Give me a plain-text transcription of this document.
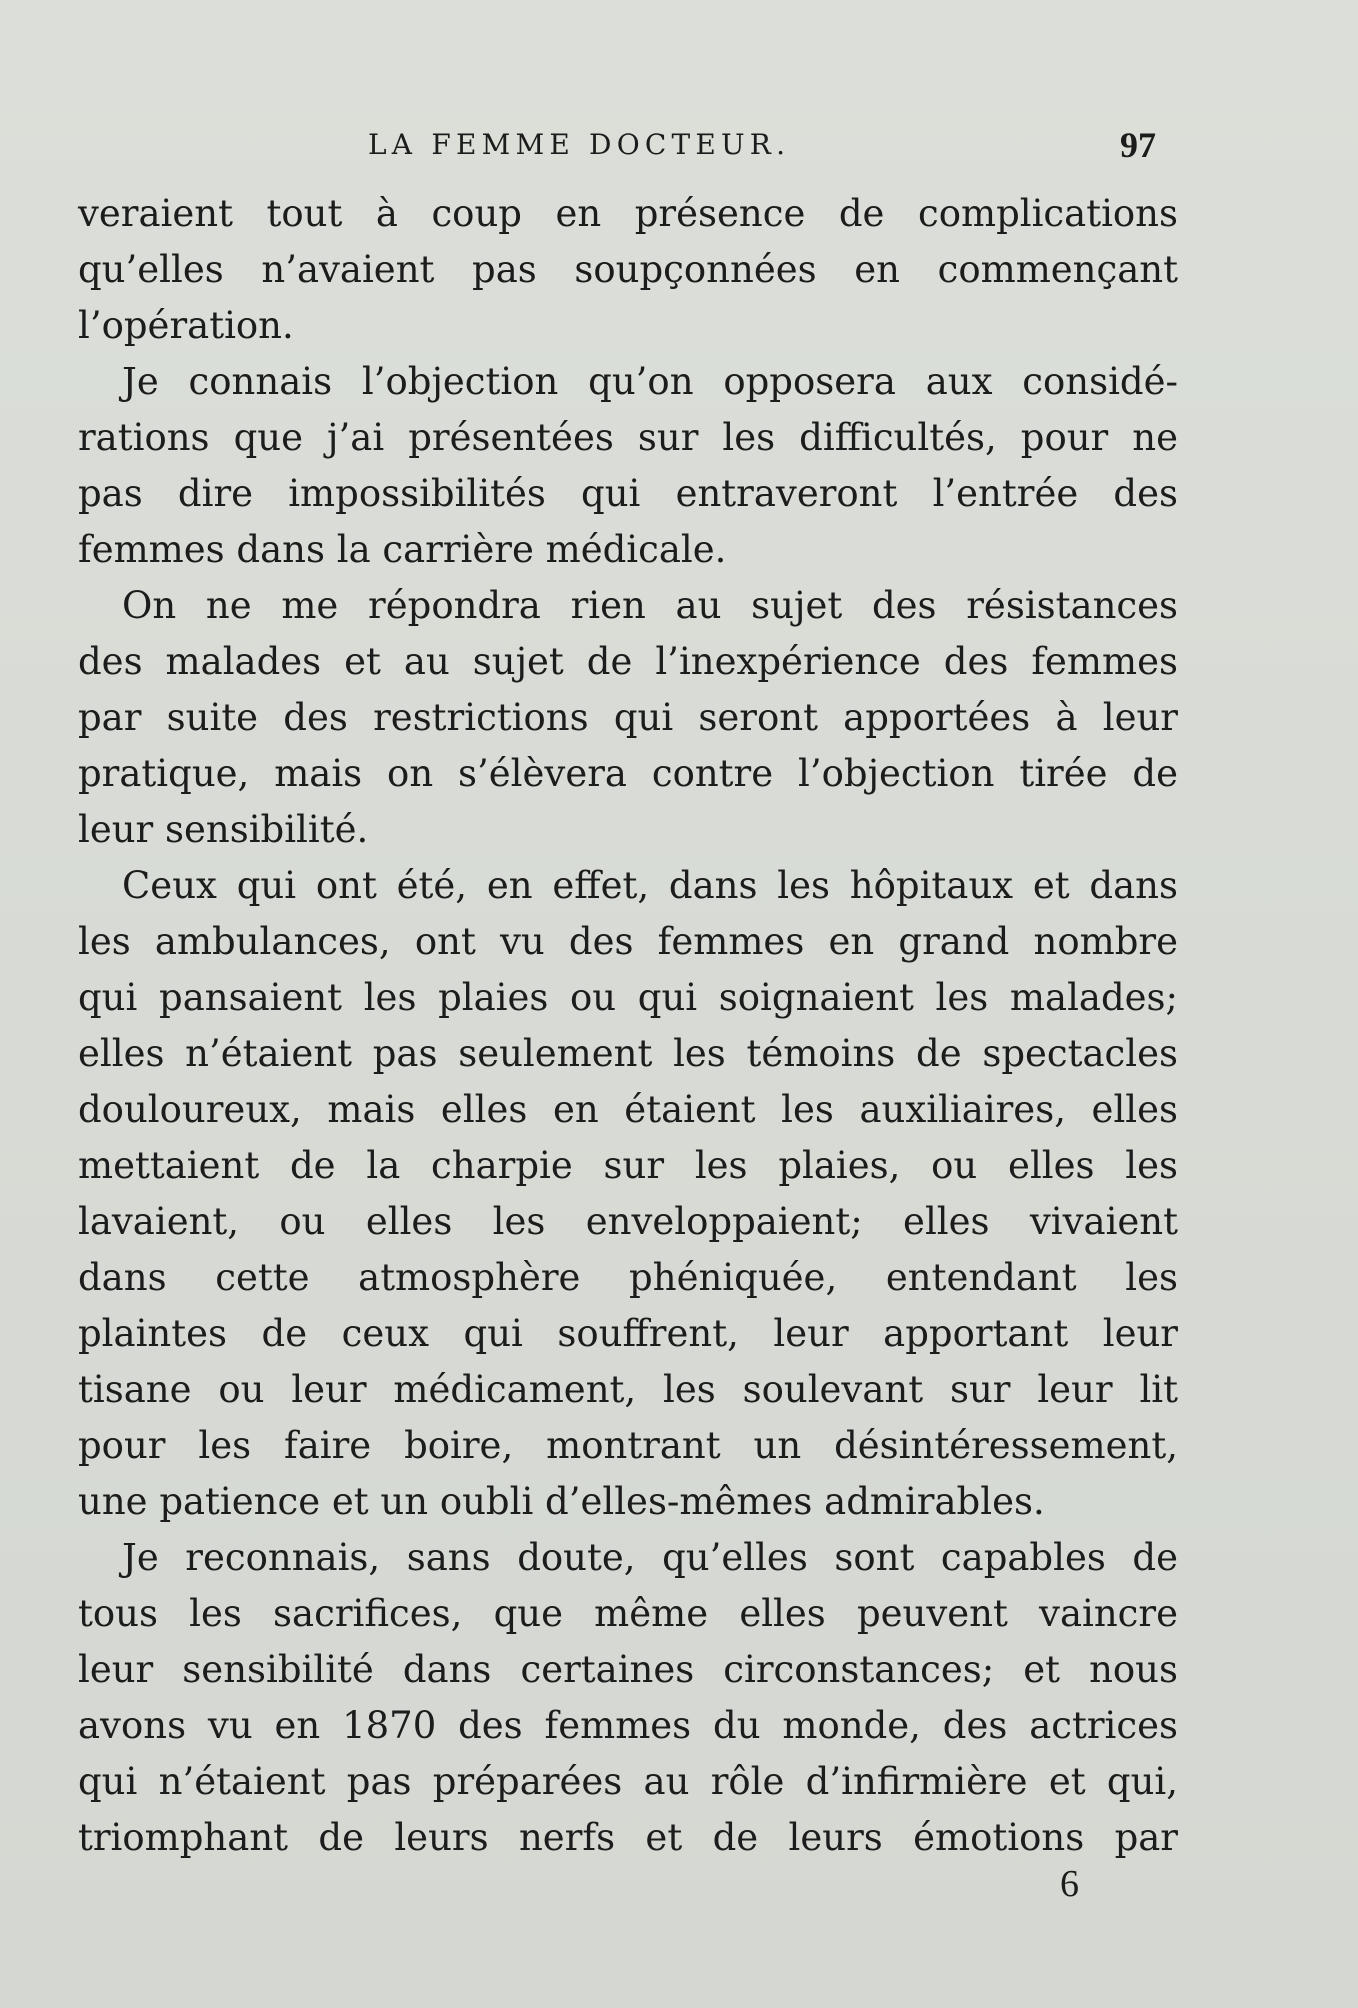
LA FEMME DOCTEUR.	97
veraient tout à coup en présence de complications
qu’elles n’avaient pas soupçonnées en commençant
l’opération.
Je connais l’objection qu’on opposera aux considé-
rations que j’ai présentées sur les difficultés, pour ne
pas dire impossibilités qui entraveront l’entrée des
femmes dans la carrière médicale.
On ne me répondra rien au sujet des résistances
des malades et au sujet de l’inexpérience des femmes
par suite des restrictions qui seront apportées à leur
pratique, mais on s’élèvera contre l’objection tirée de
leur sensibilité.
Ceux qui ont été, en effet, dans les hôpitaux et dans
les ambulances, ont vu des femmes en grand nombre
qui pansaient les plaies ou qui soignaient les malades;
elles n’étaient pas seulement les témoins de spectacles
douloureux, mais elles en étaient les auxiliaires, elles
mettaient de la charpie sur les plaies, ou elles les
lavaient, ou elles les enveloppaient; elles vivaient
dans cette atmosphère phéniquée, entendant les
plaintes de ceux qui souffrent, leur apportant leur
tisane ou leur médicament, les soulevant sur leur lit
pour les faire boire, montrant un désintéressement,
une patience et un oubli d’elles-mêmes admirables.
Je reconnais, sans doute, qu’elles sont capables de
tous les sacrifices, que même elles peuvent vaincre
leur sensibilité dans certaines circonstances; et nous
avons vu en 1870 des femmes du monde, des actrices
qui n’étaient pas préparées au rôle d’infirmière et qui,
triomphant de leurs nerfs et de leurs émotions par
6
